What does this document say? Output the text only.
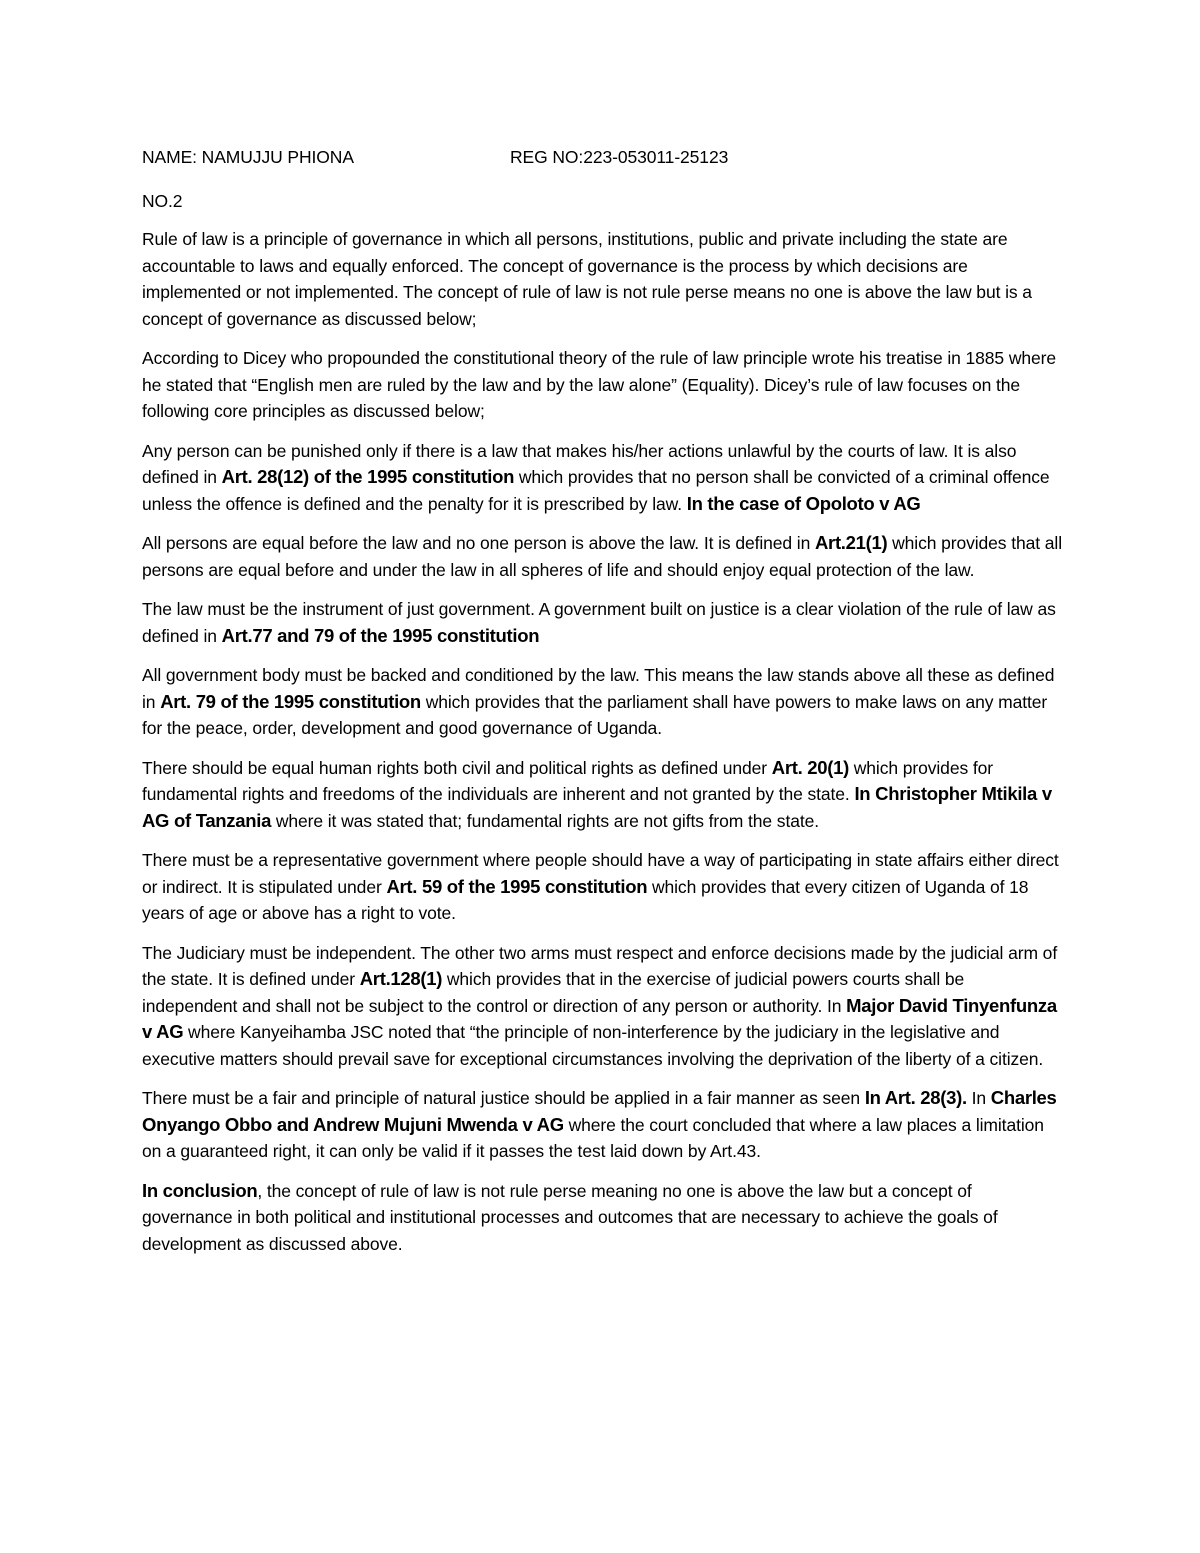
NAME: NAMUJJU PHIONA	REG NO:223-053011-25123
NO.2

Rule of law is a principle of governance in which all persons, institutions, public and private including the state are accountable to laws and equally enforced. The concept of governance is the process by which decisions are implemented or not implemented. The concept of rule of law is not rule perse means no one is above the law but is a concept of governance as discussed below;

According to Dicey who propounded the constitutional theory of the rule of law principle wrote his treatise in 1885 where he stated that “English men are ruled by the law and by the law alone” (Equality). Dicey’s rule of law focuses on the following core principles as discussed below;

Any person can be punished only if there is a law that makes his/her actions unlawful by the courts of law. It is also defined in Art. 28(12) of the 1995 constitution which provides that no person shall be convicted of a criminal offence unless the offence is defined and the penalty for it is prescribed by law. In the case of Opoloto v AG

All persons are equal before the law and no one person is above the law. It is defined in Art.21(1) which provides that all persons are equal before and under the law in all spheres of life and should enjoy equal protection of the law.

The law must be the instrument of just government. A government built on justice is a clear violation of the rule of law as defined in Art.77 and 79 of the 1995 constitution

All government body must be backed and conditioned by the law. This means the law stands above all these as defined in Art. 79 of the 1995 constitution which provides that the parliament shall have powers to make laws on any matter for the peace, order, development and good governance of Uganda.

There should be equal human rights both civil and political rights as defined under Art. 20(1) which provides for fundamental rights and freedoms of the individuals are inherent and not granted by the state. In Christopher Mtikila v AG of Tanzania where it was stated that; fundamental rights are not gifts from the state.

There must be a representative government where people should have a way of participating in state affairs either direct or indirect. It is stipulated under Art. 59 of the 1995 constitution which provides that every citizen of Uganda of 18 years of age or above has a right to vote.

The Judiciary must be independent. The other two arms must respect and enforce decisions made by the judicial arm of the state. It is defined under Art.128(1) which provides that in the exercise of judicial powers courts shall be independent and shall not be subject to the control or direction of any person or authority. In Major David Tinyenfunza v AG where Kanyeihamba JSC noted that “the principle of non-interference by the judiciary in the legislative and executive matters should prevail save for exceptional circumstances involving the deprivation of the liberty of a citizen.

There must be a fair and principle of natural justice should be applied in a fair manner as seen In Art. 28(3). In Charles Onyango Obbo and Andrew Mujuni Mwenda v AG where the court concluded that where a law places a limitation on a guaranteed right, it can only be valid if it passes the test laid down by Art.43.

In conclusion, the concept of rule of law is not rule perse meaning no one is above the law but a concept of governance in both political and institutional processes and outcomes that are necessary to achieve the goals of development as discussed above.
